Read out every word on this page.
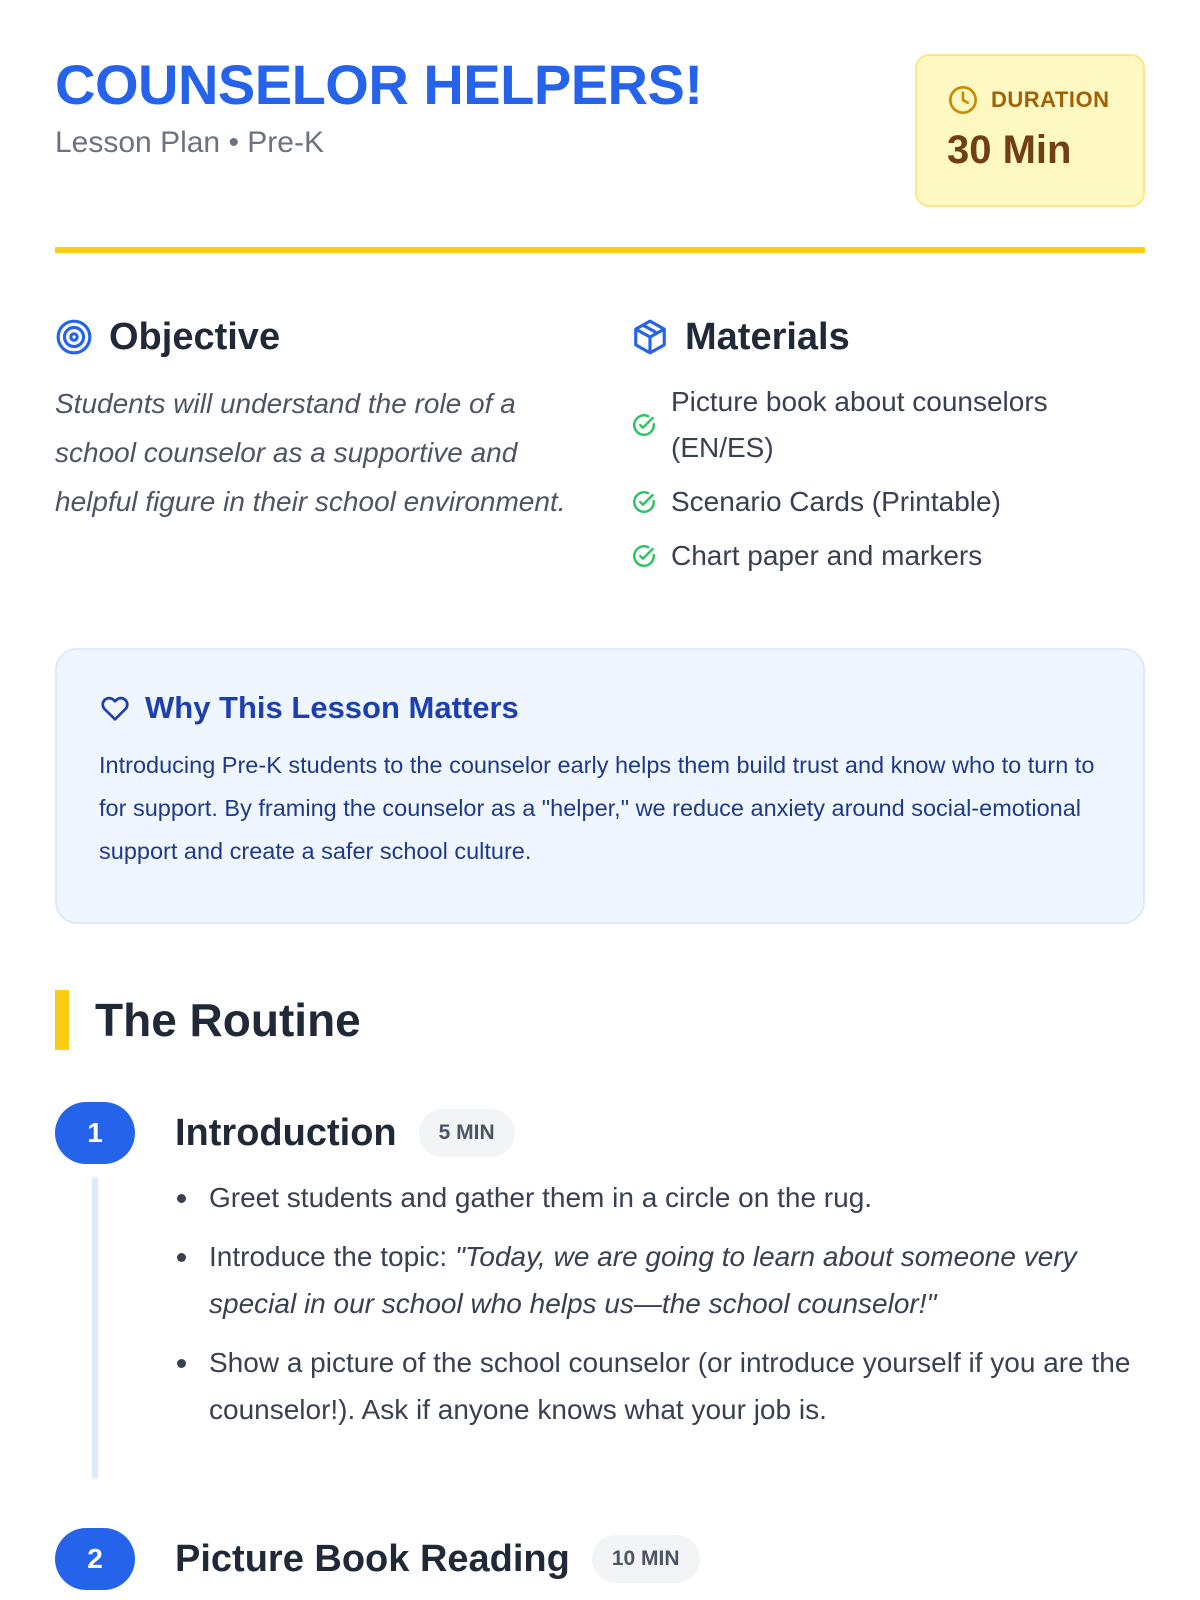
COUNSELOR HELPERS!
Lesson Plan • Pre-K
DURATION
30 Min
Objective

Students will understand the role of a school counselor as a supportive and helpful figure in their school environment.

Materials
Picture book about counselors (EN/ES)
Scenario Cards (Printable)
Chart paper and markers
Why This Lesson Matters

Introducing Pre-K students to the counselor early helps them build trust and know who to turn to for support. By framing the counselor as a "helper," we reduce anxiety around social-emotional support and create a safer school culture.

The Routine
1	Introduction	5 MIN
Greet students and gather them in a circle on the rug.
Introduce the topic: "Today, we are going to learn about someone very special in our school who helps us—the school counselor!"
Show a picture of the school counselor (or introduce yourself if you are the counselor!). Ask if anyone knows what your job is.
2	Picture Book Reading	10 MIN
